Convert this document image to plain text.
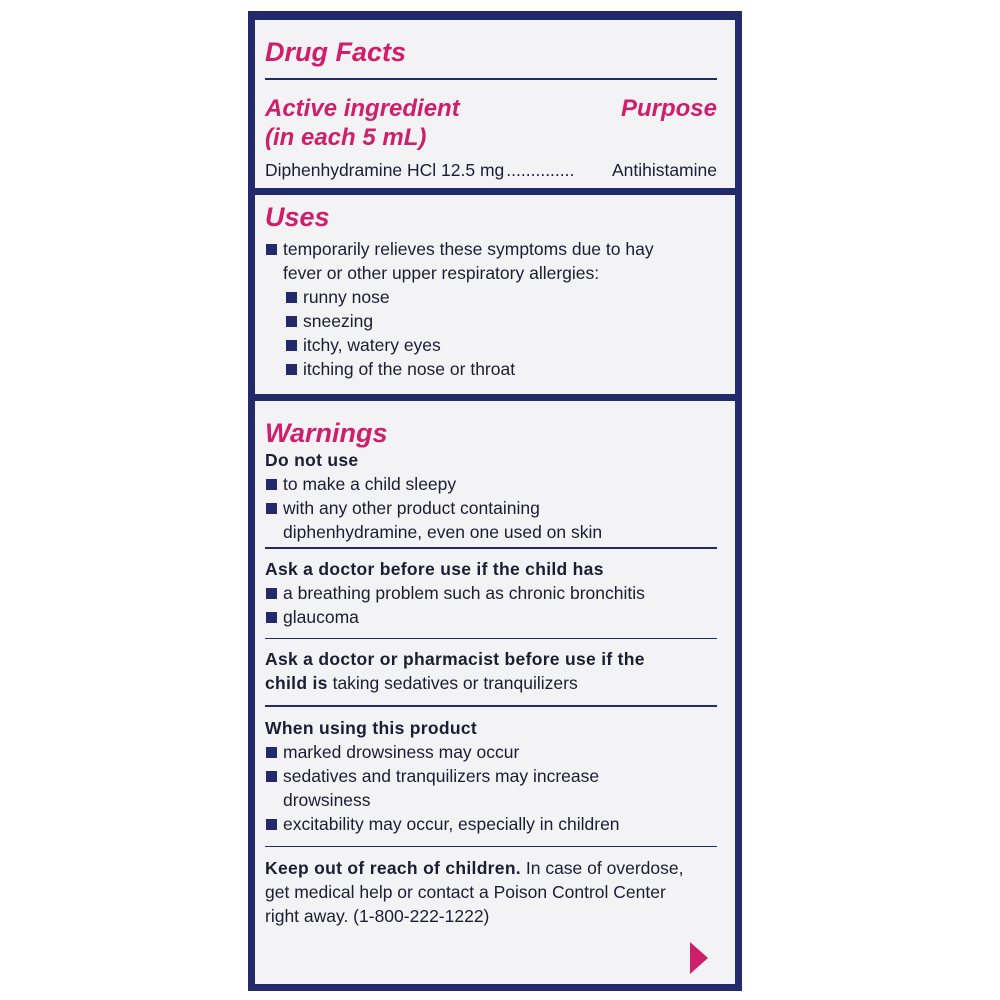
Drug Facts
Active ingredient
(in each 5 mL)
Purpose
Diphenhydramine HCl 12.5 mg ..............	Antihistamine
Uses
temporarily relieves these symptoms due to hay
fever or other upper respiratory allergies:
runny nose
sneezing
itchy, watery eyes
itching of the nose or throat
Warnings
Do not use
to make a child sleepy
with any other product containing
diphenhydramine, even one used on skin
Ask a doctor before use if the child has
a breathing problem such as chronic bronchitis
glaucoma
Ask a doctor or pharmacist before use if the
child is taking sedatives or tranquilizers
When using this product
marked drowsiness may occur
sedatives and tranquilizers may increase
drowsiness
excitability may occur, especially in children
Keep out of reach of children. In case of overdose,
get medical help or contact a Poison Control Center
right away. (1-800-222-1222)
